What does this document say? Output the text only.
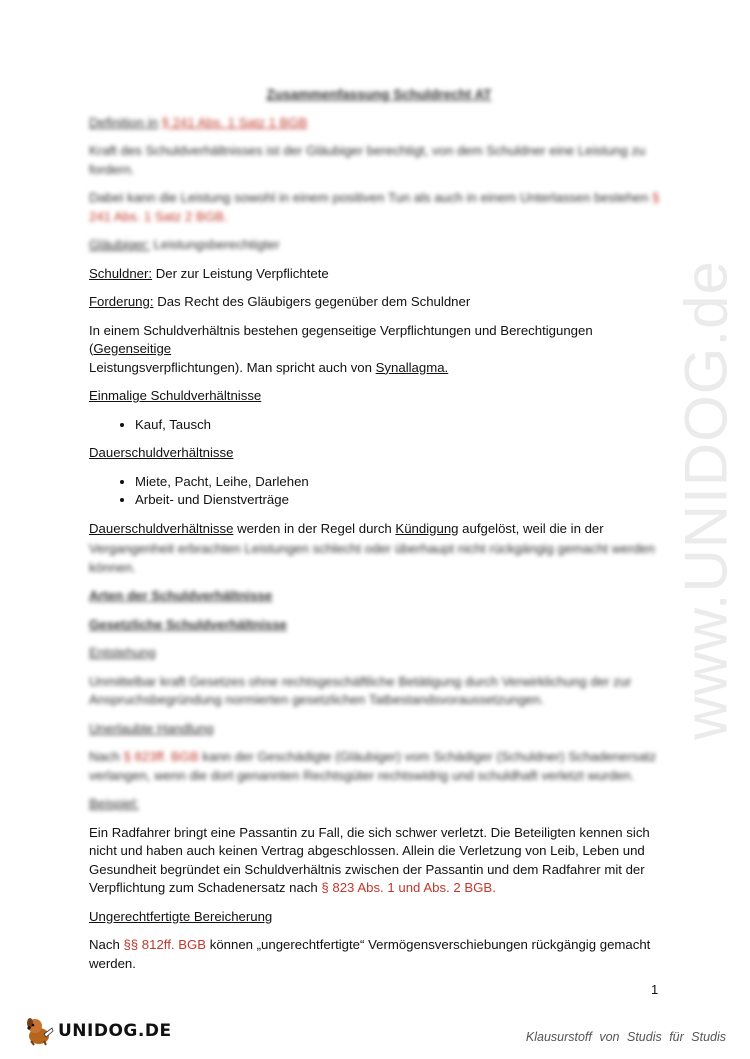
www.UNIDOG.de
Zusammenfassung Schuldrecht AT

Definition in § 241 Abs. 1 Satz 1 BGB

Kraft des Schuldverhältnisses ist der Gläubiger berechtigt, von dem Schuldner eine Leistung zu fordern.

Dabei kann die Leistung sowohl in einem positiven Tun als auch in einem Unterlassen bestehen § 241 Abs. 1 Satz 2 BGB.

Gläubiger: Leistungsberechtigter

Schuldner: Der zur Leistung Verpflichtete

Forderung: Das Recht des Gläubigers gegenüber dem Schuldner

In einem Schuldverhältnis bestehen gegenseitige Verpflichtungen und Berechtigungen (Gegenseitige
Leistungsverpflichtungen). Man spricht auch von Synallagma.

Einmalige Schuldverhältnisse

• Kauf, Tausch

Dauerschuldverhältnisse

• Miete, Pacht, Leihe, Darlehen
• Arbeit- und Dienstverträge

Dauerschuldverhältnisse werden in der Regel durch Kündigung aufgelöst, weil die in der

Vergangenheit erbrachten Leistungen schlecht oder überhaupt nicht rückgängig gemacht werden können.

Arten der Schuldverhältnisse

Gesetzliche Schuldverhältnisse

Entstehung

Unmittelbar kraft Gesetzes ohne rechtsgeschäftliche Betätigung durch Verwirklichung der zur Anspruchsbegründung normierten gesetzlichen Tatbestandsvoraussetzungen.

Unerlaubte Handlung

Nach § 823ff. BGB kann der Geschädigte (Gläubiger) vom Schädiger (Schuldner) Schadenersatz verlangen, wenn die dort genannten Rechtsgüter rechtswidrig und schuldhaft verletzt wurden.

Beispiel:

Ein Radfahrer bringt eine Passantin zu Fall, die sich schwer verletzt. Die Beteiligten kennen sich nicht und haben auch keinen Vertrag abgeschlossen. Allein die Verletzung von Leib, Leben und Gesundheit begründet ein Schuldverhältnis zwischen der Passantin und dem Radfahrer mit der Verpflichtung zum Schadenersatz nach § 823 Abs. 1 und Abs. 2 BGB.

Ungerechtfertigte Bereicherung

Nach §§ 812ff. BGB können „ungerechtfertigte“ Vermögensverschiebungen rückgängig gemacht werden.

1
UNIDOG.DE	Klausurstoff von Studis für Studis
